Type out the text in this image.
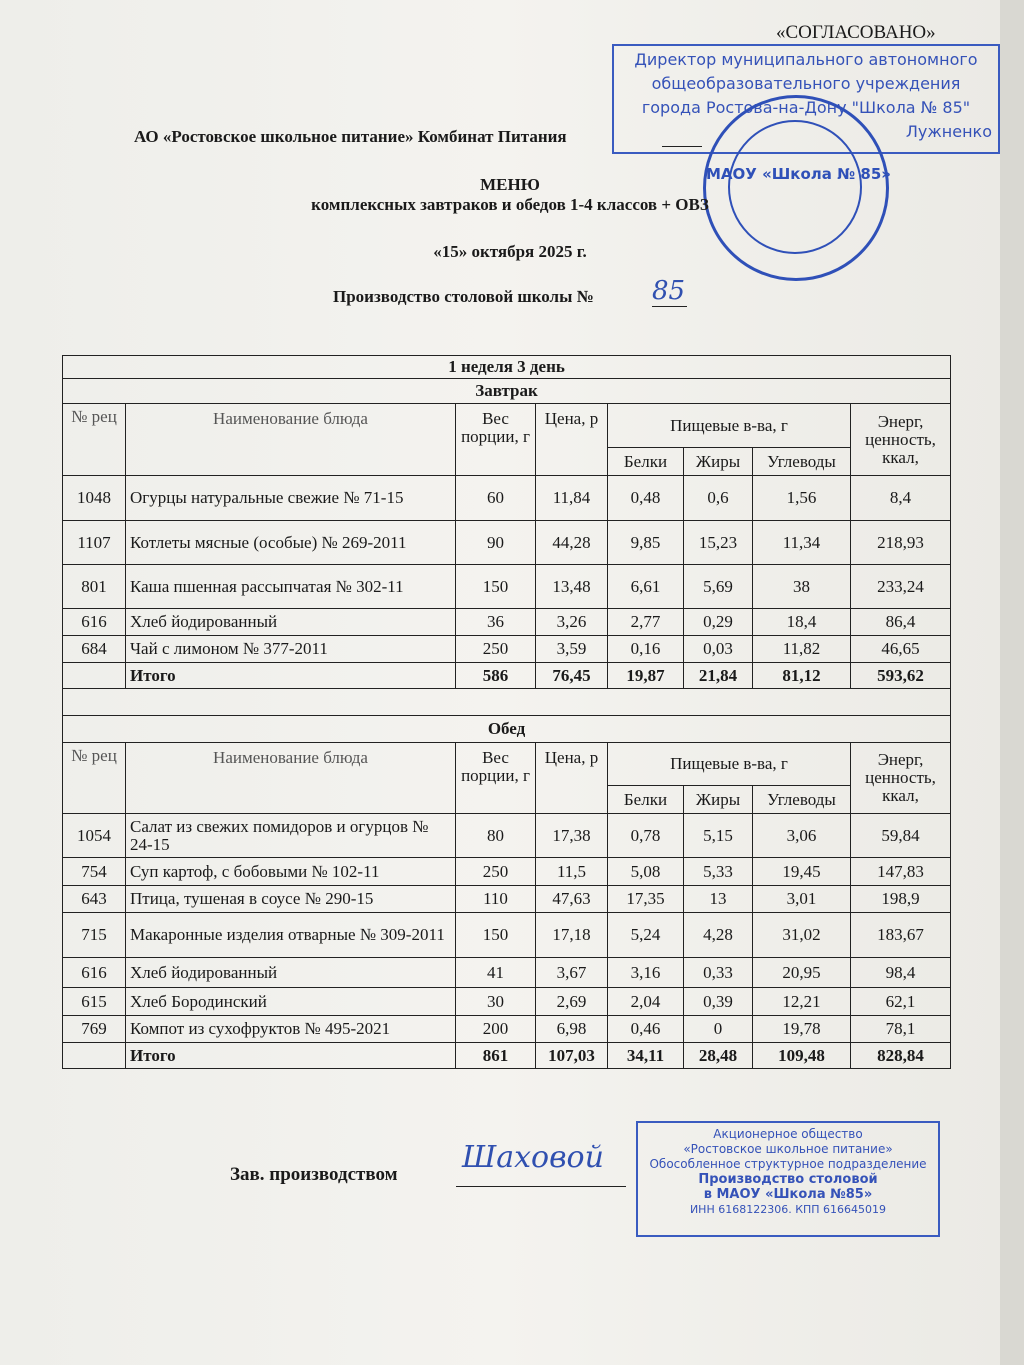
«СОГЛАСОВАНО»
Директор муниципального автономного
общеобразовательного учреждения
города Ростова-на-Дону "Школа № 85"
Лужненко
МАОУ «Школа № 85»
АО «Ростовское школьное питание» Комбинат Питания
МЕНЮ
комплексных завтраков и обедов 1-4 классов + ОВЗ
«15» октября 2025 г.
Производство столовой школы № 85
1 неделя 3 день							
Завтрак							
№ рец	Наименование блюда	Вес порции, г	Цена, р	Пищевые в-ва, г			Энерг, ценность, ккал,
				Белки	Жиры	Углеводы	
1048	Огурцы натуральные свежие № 71-15	60	11,84	0,48	0,6	1,56	8,4
1107	Котлеты мясные (особые) № 269-2011	90	44,28	9,85	15,23	11,34	218,93
801	Каша пшенная рассыпчатая № 302-11	150	13,48	6,61	5,69	38	233,24
616	Хлеб йодированный	36	3,26	2,77	0,29	18,4	86,4
684	Чай с лимоном № 377-2011	250	3,59	0,16	0,03	11,82	46,65
	Итого	586	76,45	19,87	21,84	81,12	593,62

Обед							
№ рец	Наименование блюда	Вес порции, г	Цена, р	Пищевые в-ва, г			Энерг, ценность, ккал,
				Белки	Жиры	Углеводы	
1054	Салат из свежих помидоров и огурцов № 24-15	80	17,38	0,78	5,15	3,06	59,84
754	Суп картоф, с бобовыми № 102-11	250	11,5	5,08	5,33	19,45	147,83
643	Птица, тушеная в соусе № 290-15	110	47,63	17,35	13	3,01	198,9
715	Макаронные изделия отварные № 309-2011	150	17,18	5,24	4,28	31,02	183,67
616	Хлеб йодированный	41	3,67	3,16	0,33	20,95	98,4
615	Хлеб Бородинский	30	2,69	2,04	0,39	12,21	62,1
769	Компот из сухофруктов № 495-2021	200	6,98	0,46	0	19,78	78,1
	Итого	861	107,03	34,11	28,48	109,48	828,84
Зав. производством Шаховой
Акционерное общество
«Ростовское школьное питание»
Обособленное структурное подразделение
Производство столовой
в МАОУ «Школа №85»
ИНН 6168122306. КПП 616645019
